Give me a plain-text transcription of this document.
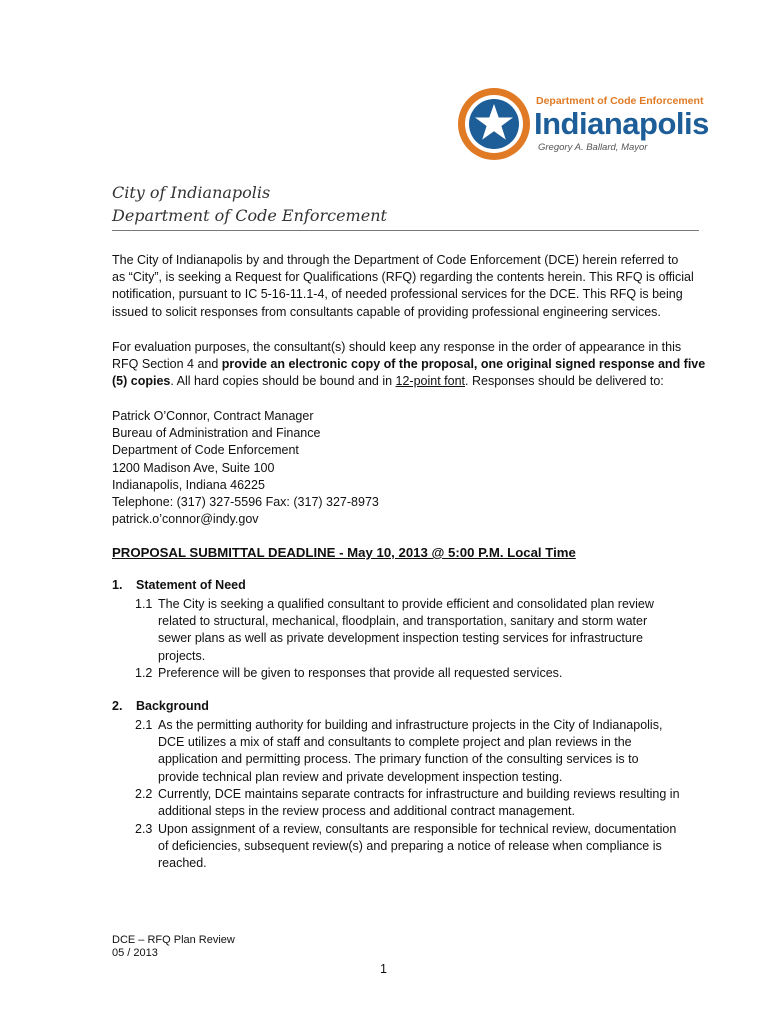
Department of Code Enforcement
Indianapolis
Gregory A. Ballard, Mayor
City of Indianapolis
Department of Code Enforcement
The City of Indianapolis by and through the Department of Code Enforcement (DCE) herein referred to
as “City”, is seeking a Request for Qualifications (RFQ) regarding the contents herein. This RFQ is official
notification, pursuant to IC 5-16-11.1-4, of needed professional services for the DCE. This RFQ is being
issued to solicit responses from consultants capable of providing professional engineering services.
For evaluation purposes, the consultant(s) should keep any response in the order of appearance in this
RFQ Section 4 and provide an electronic copy of the proposal, one original signed response and five
(5) copies. All hard copies should be bound and in 12-point font. Responses should be delivered to:
Patrick O’Connor, Contract Manager
Bureau of Administration and Finance
Department of Code Enforcement
1200 Madison Ave, Suite 100
Indianapolis, Indiana 46225
Telephone: (317) 327-5596 Fax: (317) 327-8973
patrick.o’connor@indy.gov
PROPOSAL SUBMITTAL DEADLINE - May 10, 2013 @ 5:00 P.M. Local Time
1. Statement of Need
1.1 The City is seeking a qualified consultant to provide efficient and consolidated plan review
related to structural, mechanical, floodplain, and transportation, sanitary and storm water
sewer plans as well as private development inspection testing services for infrastructure
projects.
1.2 Preference will be given to responses that provide all requested services.
2. Background
2.1 As the permitting authority for building and infrastructure projects in the City of Indianapolis,
DCE utilizes a mix of staff and consultants to complete project and plan reviews in the
application and permitting process. The primary function of the consulting services is to
provide technical plan review and private development inspection testing.
2.2 Currently, DCE maintains separate contracts for infrastructure and building reviews resulting in
additional steps in the review process and additional contract management.
2.3 Upon assignment of a review, consultants are responsible for technical review, documentation
of deficiencies, subsequent review(s) and preparing a notice of release when compliance is
reached.
DCE – RFQ Plan Review
05 / 2013
1
